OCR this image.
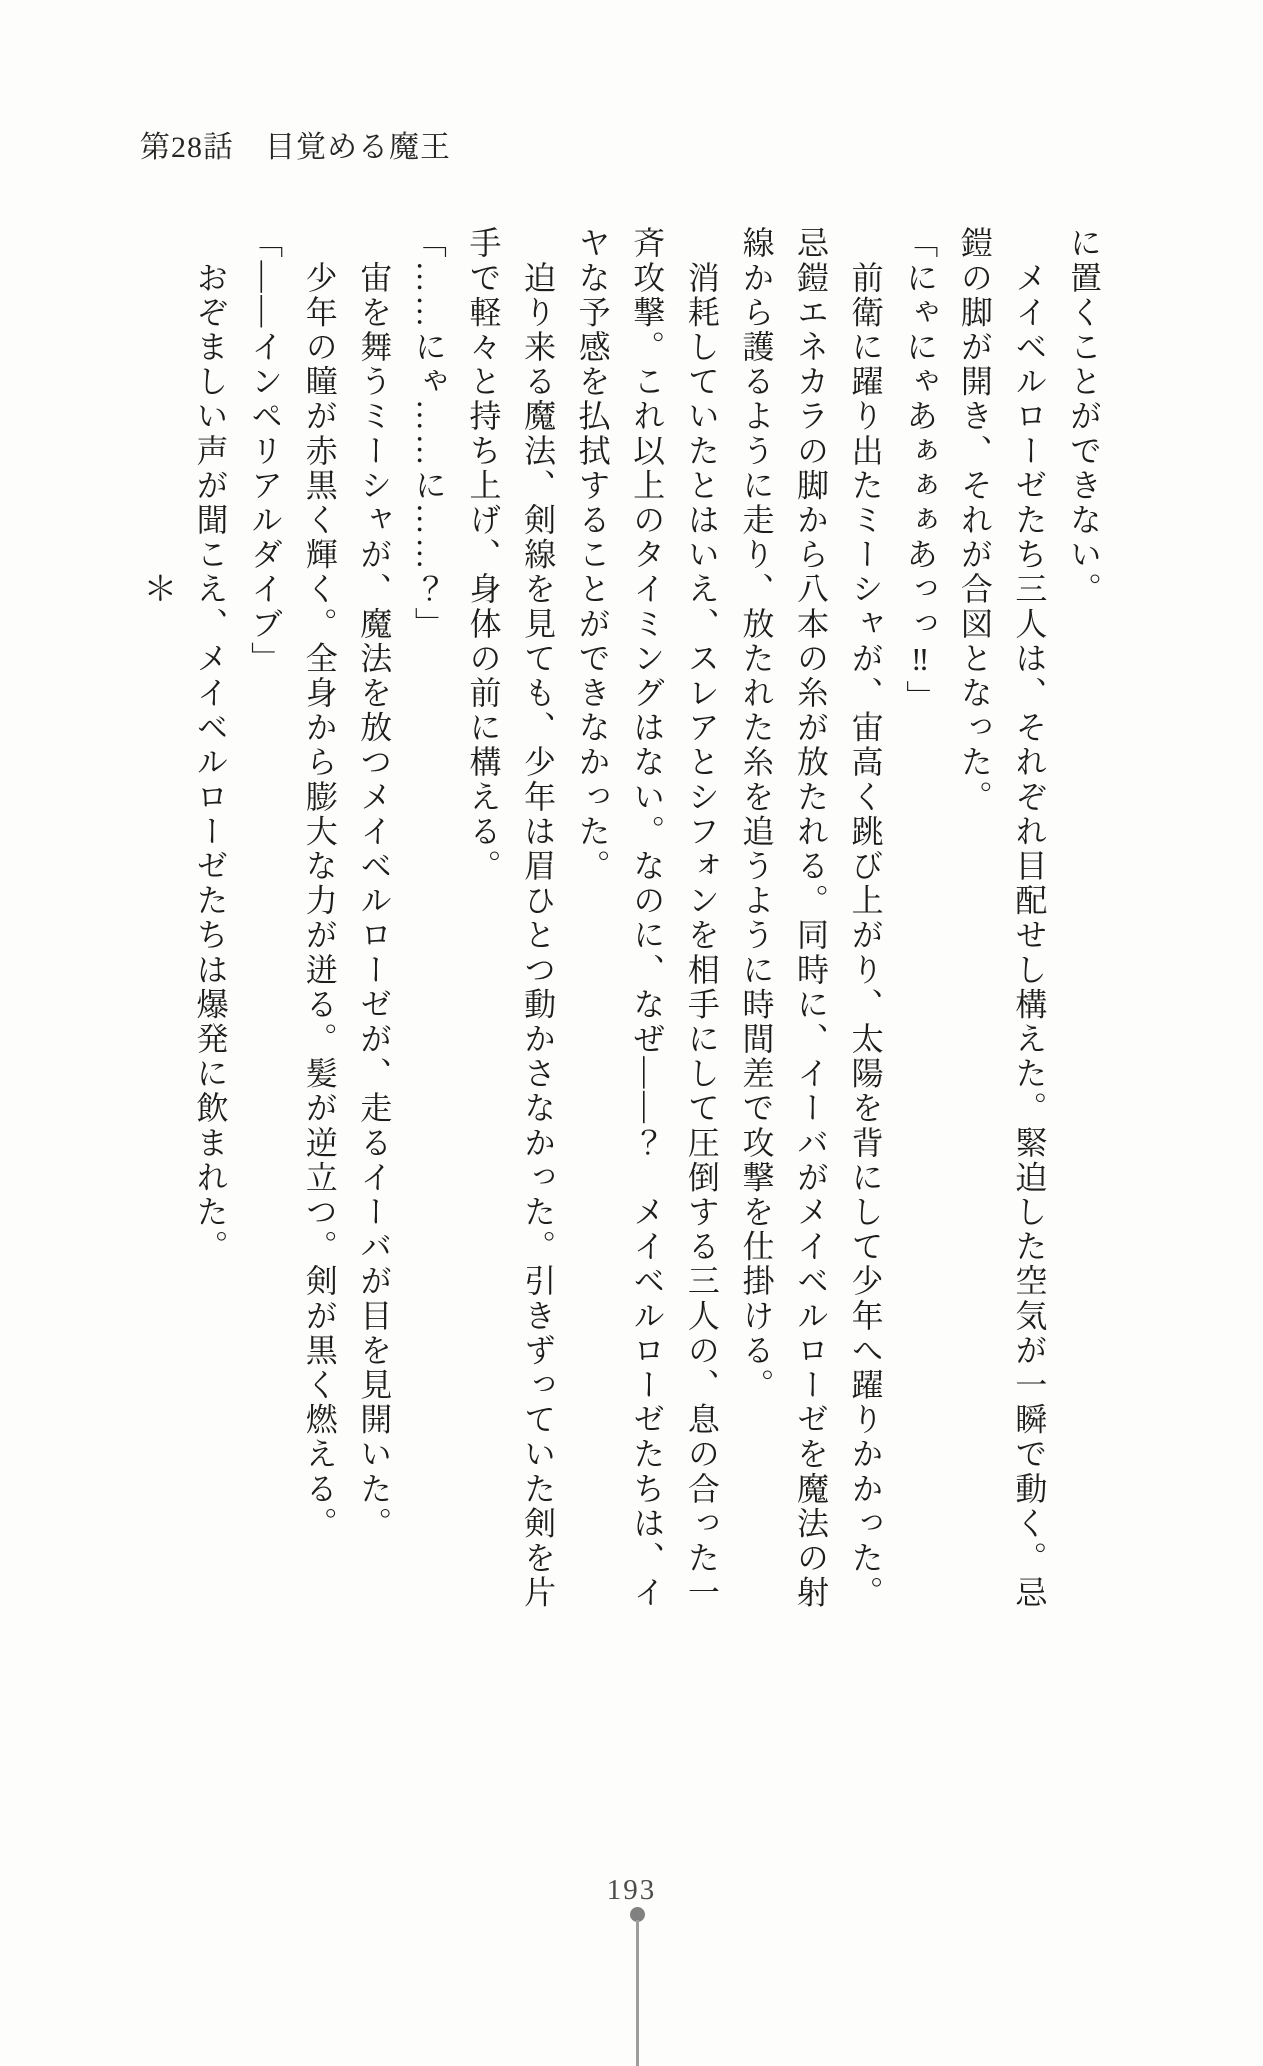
第28話　目覚める魔王

に置くことができない。

　メイベルローゼたち三人は、それぞれ目配せし構えた。緊迫した空気が一瞬で動く。忌

鎧の脚が開き、それが合図となった。

「にゃにゃあぁぁぁあっっ‼」

　前衛に躍り出たミーシャが、宙高く跳び上がり、太陽を背にして少年へ躍りかかった。

忌鎧エネカラの脚から八本の糸が放たれる。同時に、イーバがメイベルローゼを魔法の射

線から護るように走り、放たれた糸を追うように時間差で攻撃を仕掛ける。

　消耗していたとはいえ、スレアとシフォンを相手にして圧倒する三人の、息の合った一

斉攻撃。これ以上のタイミングはない。なのに、なぜ――？　メイベルローゼたちは、イ

ヤな予感を払拭することができなかった。

　迫り来る魔法、剣線を見ても、少年は眉ひとつ動かさなかった。引きずっていた剣を片

手で軽々と持ち上げ、身体の前に構える。

「……にゃ……に……？」

　宙を舞うミーシャが、魔法を放つメイベルローゼが、走るイーバが目を見開いた。

　少年の瞳が赤黒く輝く。全身から膨大な力が迸る。髪が逆立つ。剣が黒く燃える。

「――インペリアルダイブ」

　おぞましい声が聞こえ、メイベルローゼたちは爆発に飲まれた。

＊

193
